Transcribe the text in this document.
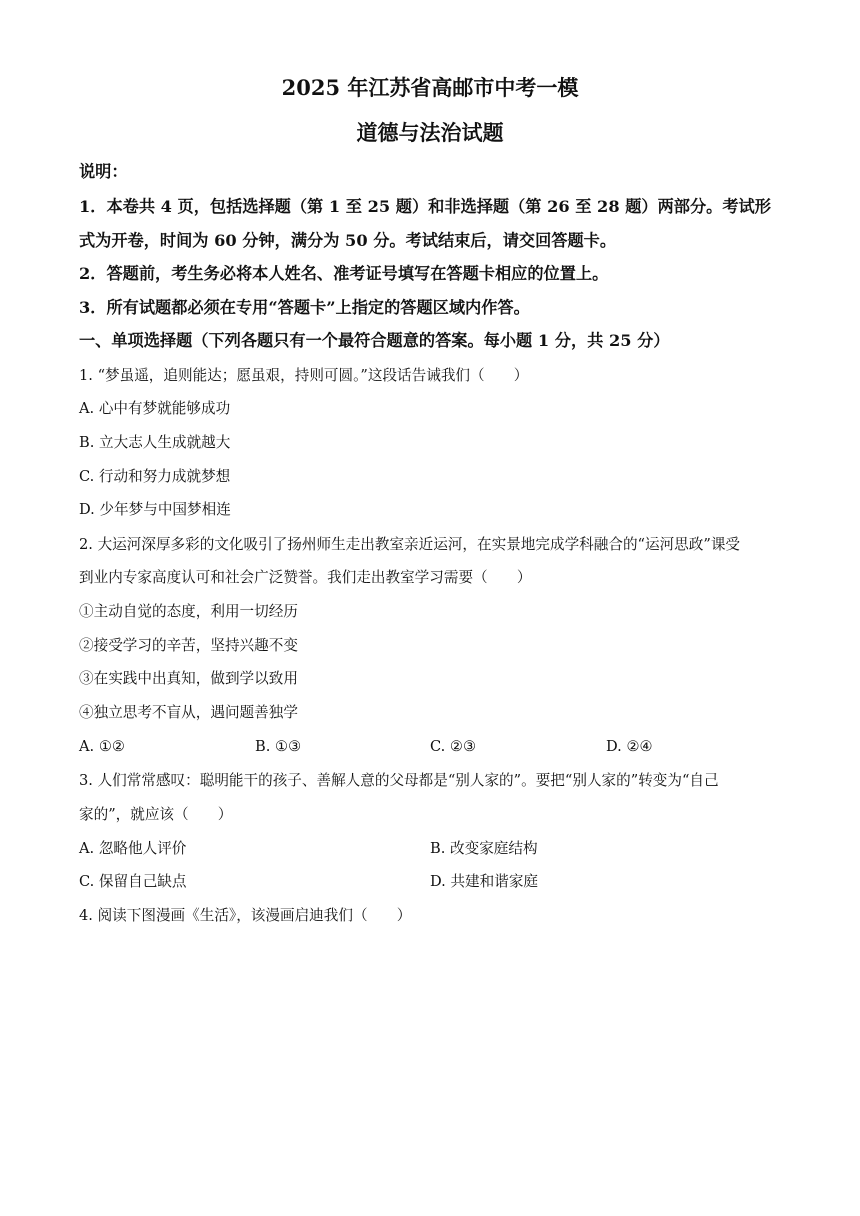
2025 年江苏省高邮市中考一模
道德与法治试题

说明：

1．本卷共 4 页，包括选择题（第 1 至 25 题）和非选择题（第 26 至 28 题）两部分。考试形

式为开卷，时间为 60 分钟，满分为 50 分。考试结束后，请交回答题卡。

2．答题前，考生务必将本人姓名、准考证号填写在答题卡相应的位置上。

3．所有试题都必须在专用“答题卡”上指定的答题区域内作答。

一、单项选择题（下列各题只有一个最符合题意的答案。每小题 1 分，共 25 分）

1. “梦虽遥，追则能达；愿虽艰，持则可圆。”这段话告诫我们（　　）

A. 心中有梦就能够成功

B. 立大志人生成就越大

C. 行动和努力成就梦想

D. 少年梦与中国梦相连

2. 大运河深厚多彩的文化吸引了扬州师生走出教室亲近运河，在实景地完成学科融合的“运河思政”课受

到业内专家高度认可和社会广泛赞誉。我们走出教室学习需要（　　）

①主动自觉的态度，利用一切经历

②接受学习的辛苦，坚持兴趣不变

③在实践中出真知，做到学以致用

④独立思考不盲从，遇问题善独学

A. ①②	B. ①③	C. ②③	D. ②④

3. 人们常常感叹：聪明能干的孩子、善解人意的父母都是“别人家的”。要把“别人家的”转变为“自己

家的”，就应该（　　）

A. 忽略他人评价	B. 改变家庭结构
C. 保留自己缺点	D. 共建和谐家庭

4. 阅读下图漫画《生活》，该漫画启迪我们（　　）
